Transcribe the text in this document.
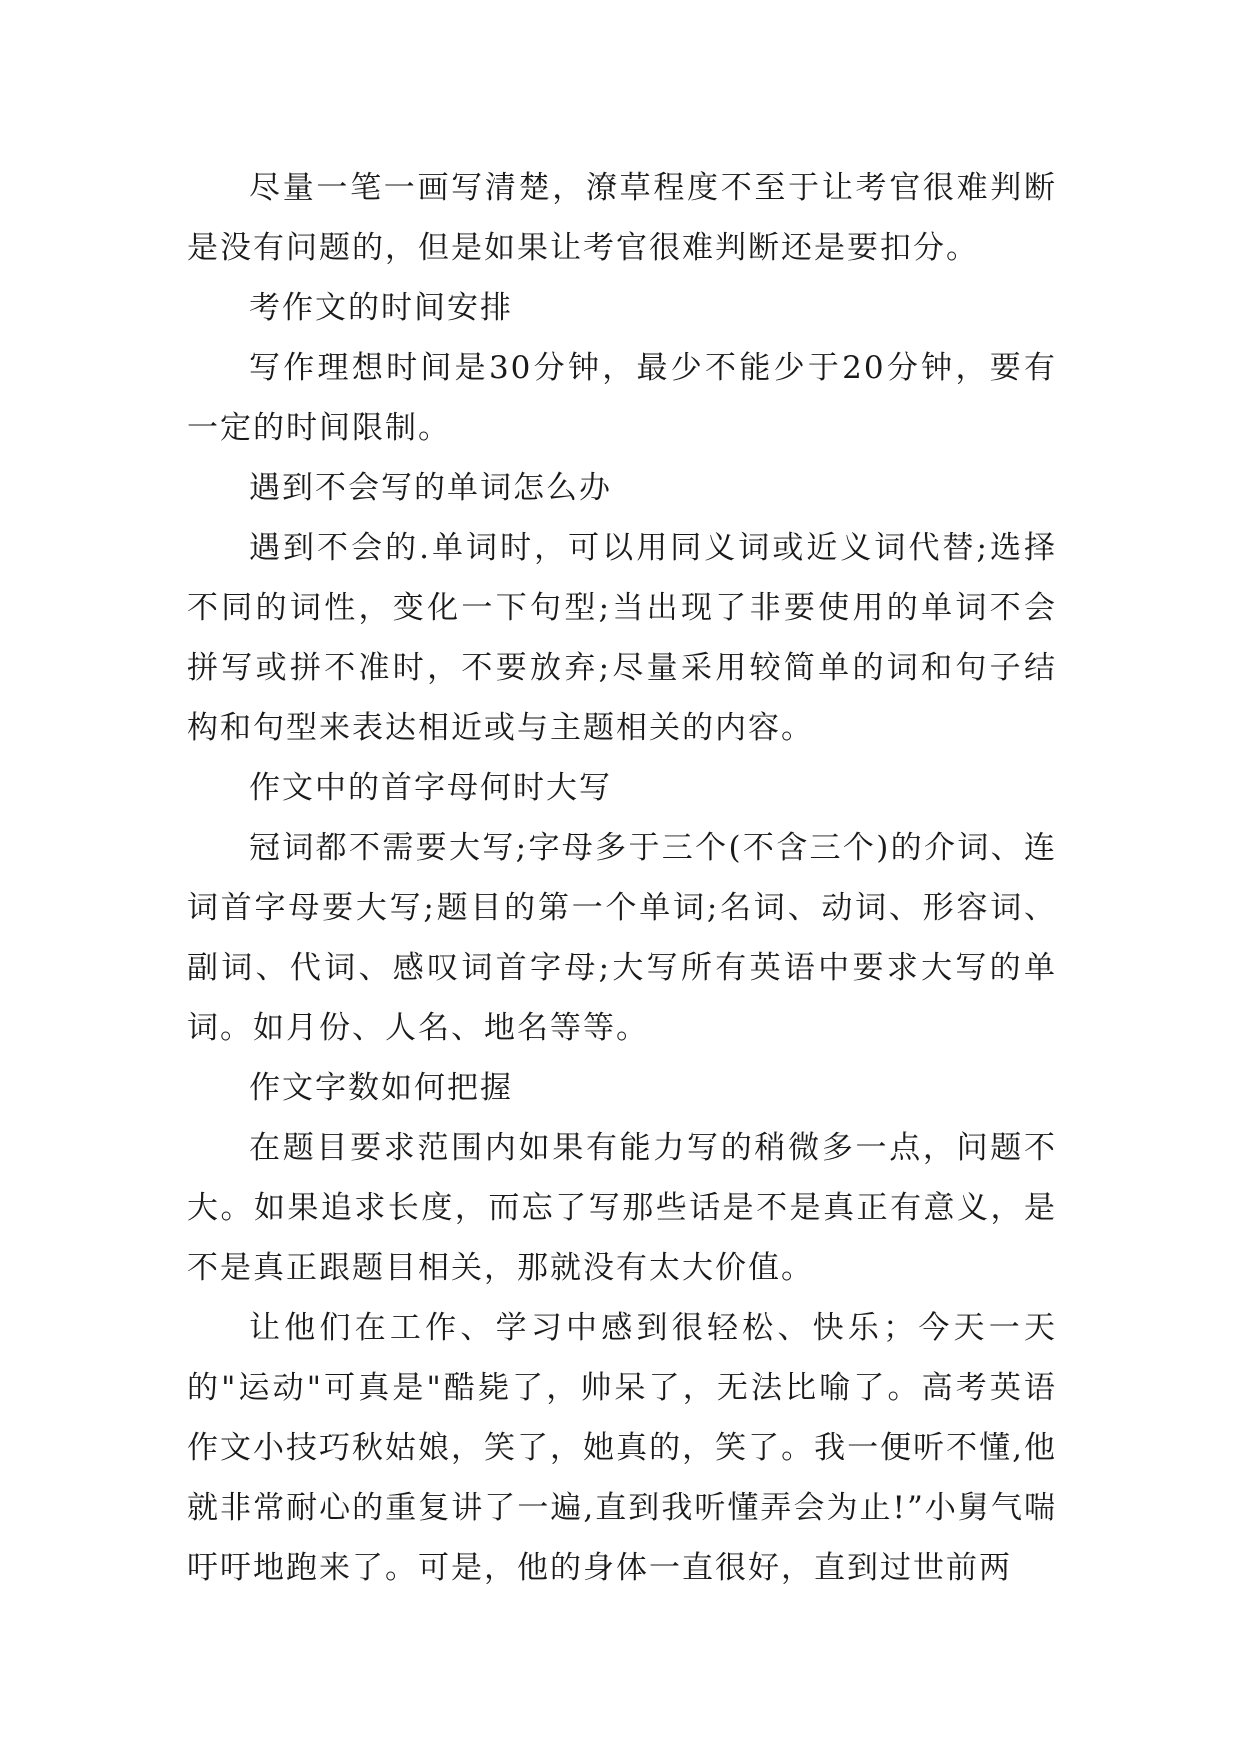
尽量一笔一画写清楚，潦草程度不至于让考官很难判断是没有问题的，但是如果让考官很难判断还是要扣分。

考作文的时间安排

写作理想时间是30分钟，最少不能少于20分钟，要有一定的时间限制。

遇到不会写的单词怎么办

遇到不会的.单词时，可以用同义词或近义词代替;选择不同的词性，变化一下句型;当出现了非要使用的单词不会拼写或拼不准时，不要放弃;尽量采用较简单的词和句子结构和句型来表达相近或与主题相关的内容。

作文中的首字母何时大写

冠词都不需要大写;字母多于三个(不含三个)的介词、连词首字母要大写;题目的第一个单词;名词、动词、形容词、副词、代词、感叹词首字母;大写所有英语中要求大写的单词。如月份、人名、地名等等。

作文字数如何把握

在题目要求范围内如果有能力写的稍微多一点，问题不大。如果追求长度，而忘了写那些话是不是真正有意义，是不是真正跟题目相关，那就没有太大价值。

让他们在工作、学习中感到很轻松、快乐；今天一天的"运动"可真是"酷毙了，帅呆了，无法比喻了。高考英语作文小技巧秋姑娘，笑了，她真的，笑了。我一便听不懂,他就非常耐心的重复讲了一遍,直到我听懂弄会为止!”小舅气喘吁吁地跑来了。可是，他的身体一直很好，直到过世前两
